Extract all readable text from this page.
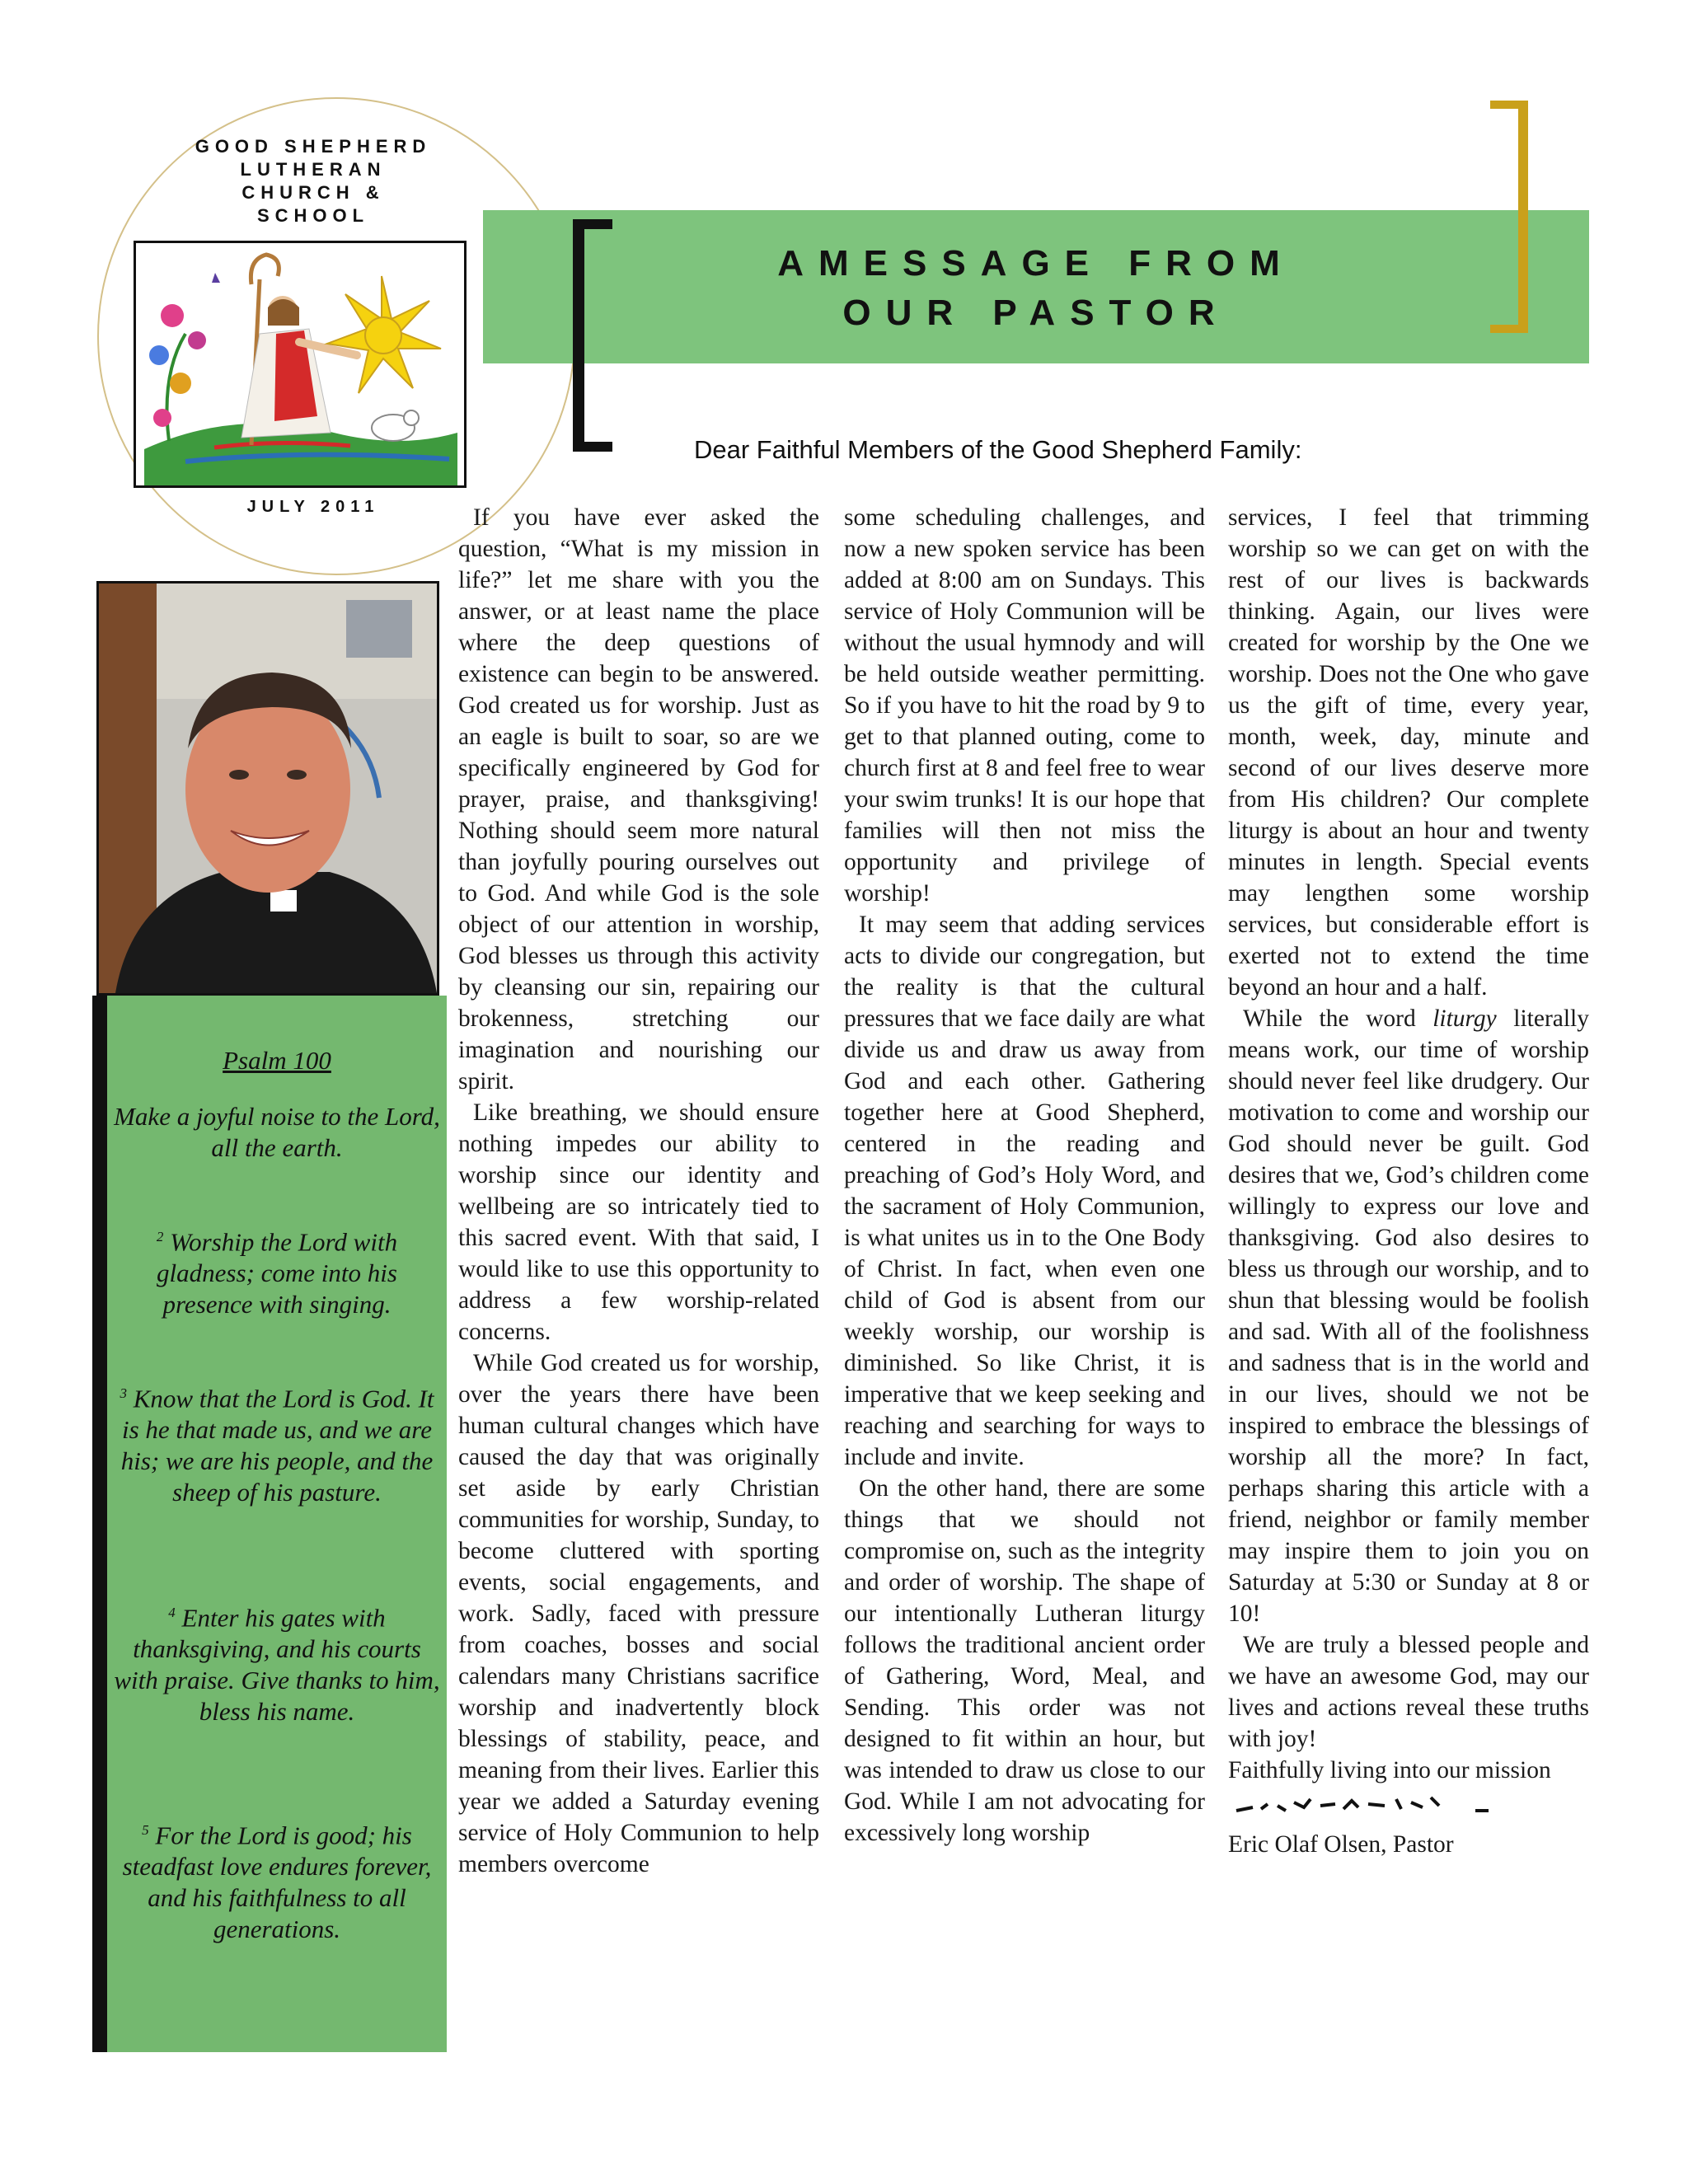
GOOD SHEPHERD
LUTHERAN
CHURCH &
SCHOOL
JULY 2011
AMESSAGE FROM
OUR PASTOR
Dear Faithful Members of the Good Shepherd Family:
Psalm 100
Make a joyful noise to the Lord, all the earth.
$^2$ Worship the Lord with gladness; come into his presence with singing.
$^3$ Know that the Lord is God. It is he that made us, and we are his; we are his people, and the sheep of his pasture.
$^4$ Enter his gates with thanksgiving, and his courts with praise. Give thanks to him, bless his name.
$^5$ For the Lord is good; his steadfast love endures forever, and his faithfulness to all generations.

If you have ever asked the question, “What is my mission in life?” let me share with you the answer, or at least name the place where the deep questions of existence can begin to be answered. God created us for worship. Just as an eagle is built to soar, so are we specifically engineered by God for prayer, praise, and thanksgiving! Nothing should seem more natural than joyfully pouring ourselves out to God. And while God is the sole object of our attention in worship, God blesses us through this activity by cleansing our sin, repairing our brokenness, stretching our imagination and nourishing our spirit.

Like breathing, we should ensure nothing impedes our ability to worship since our identity and wellbeing are so intricately tied to this sacred event. With that said, I would like to use this opportunity to address a few worship-related concerns.

While God created us for worship, over the years there have been human cultural changes which have caused the day that was originally set aside by early Christian communities for worship, Sunday, to become cluttered with sporting events, social engagements, and work. Sadly, faced with pressure from coaches, bosses and social calendars many Christians sacrifice worship and inadvertently block blessings of stability, peace, and meaning from their lives. Earlier this year we added a Saturday evening service of Holy Communion to help members overcome

some scheduling challenges, and now a new spoken service has been added at 8:00 am on Sundays. This service of Holy Communion will be without the usual hymnody and will be held outside weather permitting. So if you have to hit the road by 9 to get to that planned outing, come to church first at 8 and feel free to wear your swim trunks! It is our hope that families will then not miss the opportunity and privilege of worship!

It may seem that adding services acts to divide our congregation, but the reality is that the cultural pressures that we face daily are what divide us and draw us away from God and each other. Gathering together here at Good Shepherd, centered in the reading and preaching of God’s Holy Word, and the sacrament of Holy Communion, is what unites us in to the One Body of Christ. In fact, when even one child of God is absent from our weekly worship, our worship is diminished. So like Christ, it is imperative that we keep seeking and reaching and searching for ways to include and invite.

On the other hand, there are some things that we should not compromise on, such as the integrity and order of worship. The shape of our intentionally Lutheran liturgy follows the traditional ancient order of Gathering, Word, Meal, and Sending. This order was not designed to fit within an hour, but was intended to draw us close to our God. While I am not advocating for excessively long worship

services, I feel that trimming worship so we can get on with the rest of our lives is backwards thinking. Again, our lives were created for worship by the One we worship. Does not the One who gave us the gift of time, every year, month, week, day, minute and second of our lives deserve more from His children? Our complete liturgy is about an hour and twenty minutes in length. Special events may lengthen some worship services, but considerable effort is exerted not to extend the time beyond an hour and a half.

While the word liturgy literally means work, our time of worship should never feel like drudgery. Our motivation to come and worship our God should never be guilt. God desires that we, God’s children come willingly to express our love and thanksgiving. God also desires to bless us through our worship, and to shun that blessing would be foolish and sad. With all of the foolishness and sadness that is in the world and in our lives, should we not be inspired to embrace the blessings of worship all the more? In fact, perhaps sharing this article with a friend, neighbor or family member may inspire them to join you on Saturday at 5:30 or Sunday at 8 or 10!

We are truly a blessed people and we have an awesome God, may our lives and actions reveal these truths with joy!

Faithfully living into our mission

Eric Olaf Olsen, Pastor
